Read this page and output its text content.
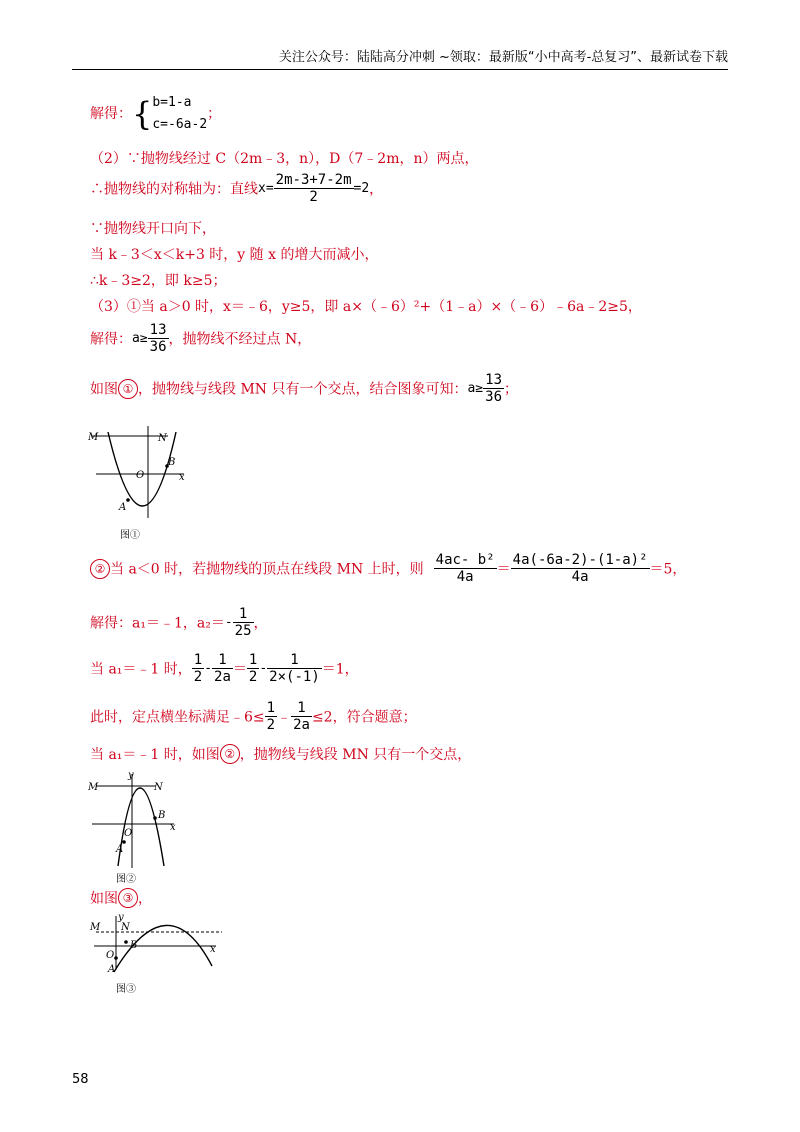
关注公众号：陆陆高分冲刺 ~领取：最新版“小中高考-总复习”、最新试卷下载
解得：{ b=1-a
c=-6a-2
；
（2）∵抛物线经过 C（2m﹣3，n），D（7﹣2m，n）两点，
∴抛物线的对称轴为：直线$x= \frac{2m-3+7-2m}{2} =2$，
∵抛物线开口向下，
当 k﹣3＜x＜k+3 时，y 随 x 的增大而减小，
∴k﹣3≥2，即 k≥5；
（3）①当 a＞0 时，x＝﹣6，y≥5，即 a×（﹣6）²+（1﹣a）×（﹣6）﹣6a﹣2≥5，
解得：$a\ge \frac{13}{36}$ ，抛物线不经过点 N，
如图 ① ，抛物线与线段 MN 只有一个交点，结合图象可知：$a\ge \frac{13}{36}$ ；
M	N
O
B
A
x
图①
② 当 a＜0 时，若抛物线的顶点在线段 MN 上时，则 $\frac{\text{4ac- b²}}{4a} = \frac{\text{4a(-6a-2)-(1-a)²}}{4a} =5$，
解得：a₁＝﹣1，$a_2=- \frac{1}{25}$ ，
当 a₁＝﹣1 时， $\frac{1}{2} - \frac{1}{2a} = \frac{1}{2} - \frac{1}{2\times(-1)} =1$，
此时，定点横坐标满足﹣6≤ $\frac{1}{2}$ ﹣ $\frac{1}{2a} \le 2$，符合题意；
当 a₁＝﹣1 时，如图 ② ，抛物线与线段 MN 只有一个交点，
M	N
y
O
B
A
x
图②
如图 ③ ，
M N
y
O
B
A
x
图③
58
